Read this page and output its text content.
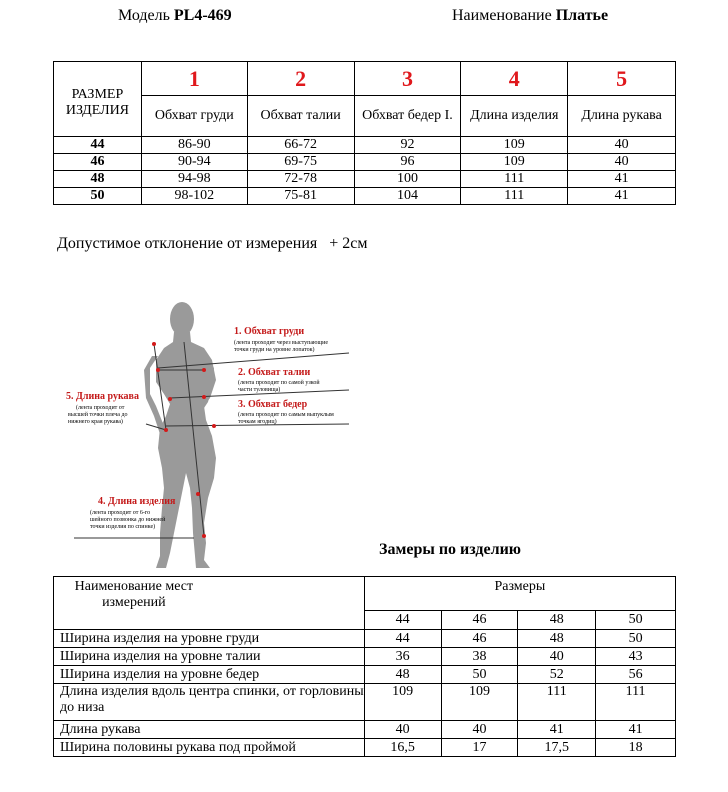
Модель PL4-469	Наименование Платье
РАЗМЕР ИЗДЕЛИЯ	1	2	3	4	5
	Обхват груди	Обхват талии	Обхват бедер I.	Длина изделия	Длина рукава
44	86-90	66-72	92	109	40
46	90-94	69-75	96	109	40
48	94-98	72-78	100	111	41
50	98-102	75-81	104	111	41
Допустимое отклонение от измерения   + 2см
1. Обхват груди
(лента проходит через выступающие
точки груди на уровне лопаток)
2. Обхват талии
(лента проходит по самой узкой
части туловища)
3. Обхват бедер
(лента проходит по самым выпуклым
точкам ягодиц)
4. Длина изделия
(лента проходит от 6-го
шейного позвонка до нижней
точки изделия по спинке)
5. Длина рукава
(лента проходит от
высшей точки плеча до
нижнего края рукава)
Замеры по изделию
Наименование мест измерений	Размеры			
	44	46	48	50
Ширина изделия на уровне груди	44	46	48	50
Ширина изделия на уровне талии	36	38	40	43
Ширина изделия на уровне бедер	48	50	52	56
Длина изделия вдоль центра спинки, от горловины до низа	109	109	111	111
Длина рукава	40	40	41	41
Ширина половины рукава под проймой	16,5	17	17,5	18
